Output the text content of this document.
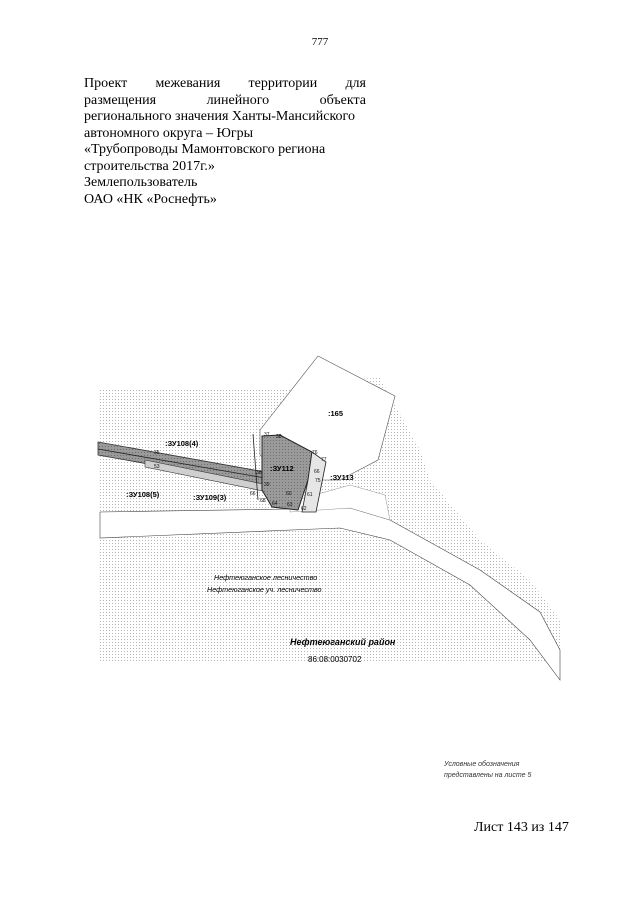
777
Проект межевания территории для
размещения	линейного	объекта
регионального значения Ханты-Мансийского
автономного округа – Югры
«Трубопроводы Мамонтовского региона
строительства 2017г.»
Землепользователь
ОАО «НК «Роснефть»
:165
:ЗУ108(4)
:ЗУ108(5)	:ЗУ109(3)
:ЗУ112
:ЗУ113
35
53
37 38
76
77
38
39
66
68
60	61
62
63
64
75
66
Нефтеюганское лесничество
Нефтеюганское уч. лесничество
Нефтеюганский район
86:08:0030702
Условные обозначения
представлены на листе 5
Лист 143 из 147
